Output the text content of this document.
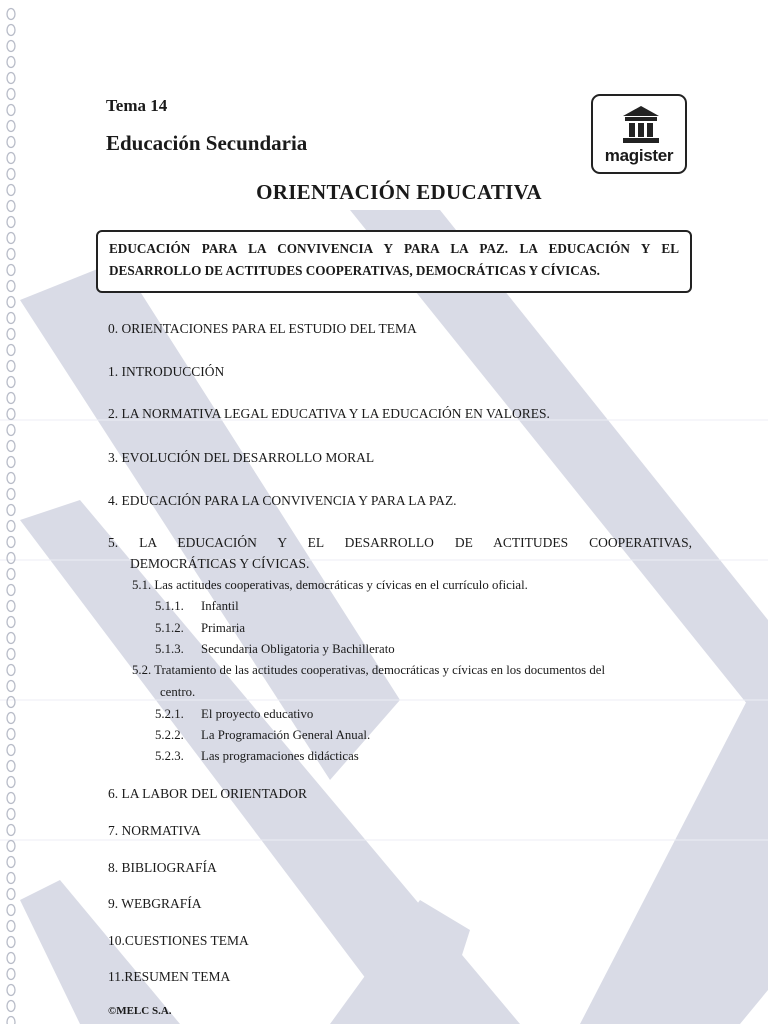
Tema 14
Educación Secundaria
magister
ORIENTACIÓN EDUCATIVA
EDUCACIÓN PARA LA CONVIVENCIA Y PARA LA PAZ. LA EDUCACIÓN Y EL
DESARROLLO DE ACTITUDES COOPERATIVAS, DEMOCRÁTICAS Y CÍVICAS.
0. ORIENTACIONES PARA EL ESTUDIO DEL TEMA
1. INTRODUCCIÓN
2. LA NORMATIVA LEGAL EDUCATIVA Y LA EDUCACIÓN EN VALORES.
3. EVOLUCIÓN DEL DESARROLLO MORAL
4. EDUCACIÓN PARA LA CONVIVENCIA Y PARA LA PAZ.
5. LA EDUCACIÓN Y EL DESARROLLO DE ACTITUDES COOPERATIVAS,
DEMOCRÁTICAS Y CÍVICAS.
5.1. Las actitudes cooperativas, democráticas y cívicas en el currículo oficial.
5.1.1. Infantil
5.1.2. Primaria
5.1.3. Secundaria Obligatoria y Bachillerato
5.2. Tratamiento de las actitudes cooperativas, democráticas y cívicas en los documentos del
centro.
5.2.1. El proyecto educativo
5.2.2. La Programación General Anual.
5.2.3. Las programaciones didácticas
6. LA LABOR DEL ORIENTADOR
7. NORMATIVA
8. BIBLIOGRAFÍA
9. WEBGRAFÍA
10.CUESTIONES TEMA
11.RESUMEN TEMA
©MELC S.A.
